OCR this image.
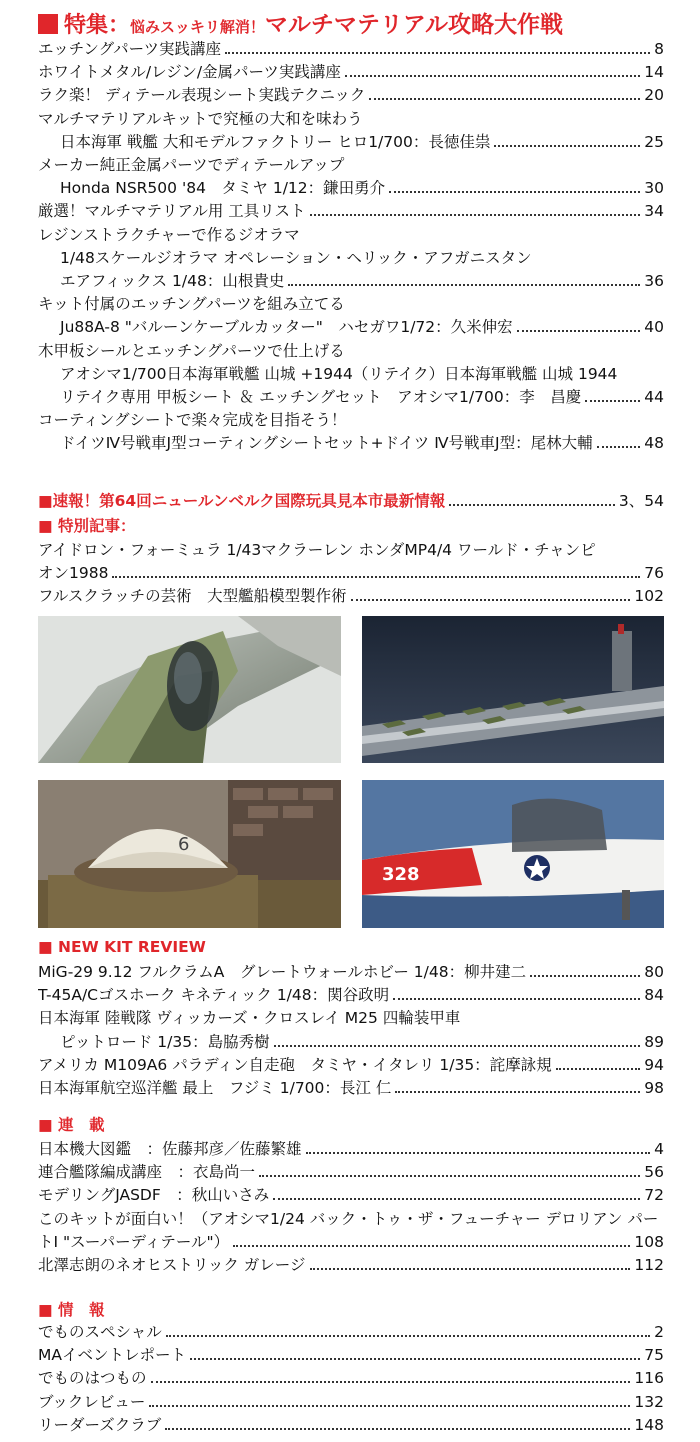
特集：悩みスッキリ解消！マルチマテリアル攻略大作戦
エッチングパーツ実践講座	8
ホワイトメタル/レジン/金属パーツ実践講座	14
ラク楽！ ディテール表現シート実践テクニック	20
マルチマテリアルキットで究極の大和を味わう
日本海軍 戦艦 大和モデルファクトリー ヒロ1/700：長徳佳祟	25
メーカー純正金属パーツでディテールアップ
Honda NSR500 '84　タミヤ 1/12：鎌田勇介	30
厳選！マルチマテリアル用 工具リスト	34
レジンストラクチャーで作るジオラマ
1/48スケールジオラマ オペレーション・ヘリック・アフガニスタン
エアフィックス 1/48：山根貴史	36
キット付属のエッチングパーツを組み立てる
Ju88A-8 "バルーンケーブルカッター"　ハセガワ1/72：久米伸宏	40
木甲板シールとエッチングパーツで仕上げる
アオシマ1/700日本海軍戦艦 山城 +1944（リテイク）日本海軍戦艦 山城 1944
リテイク専用 甲板シート ＆ エッチングセット　アオシマ1/700：李　昌慶	44
コーティングシートで楽々完成を目指そう！
ドイツⅣ号戦車J型コーティングシートセット+ドイツ Ⅳ号戦車J型：尾林大輔	48
■速報！第64回ニュールンベルク国際玩具見本市最新情報	3、54
■ 特別記事：
アイドロン・フォーミュラ 1/43マクラーレン ホンダMP4/4 ワールド・チャンピ
オン1988	76
フルスクラッチの芸術　大型艦船模型製作術	102
6
328
■ NEW KIT REVIEW
MiG-29 9.12 フルクラムA　グレートウォールホビー 1/48：柳井建二	80
T-45A/Cゴスホーク キネティック 1/48：関谷政明	84
日本海軍 陸戦隊 ヴィッカーズ・クロスレイ M25 四輪装甲車
ピットロード 1/35：島脇秀樹	89
アメリカ M109A6 パラディン自走砲　タミヤ・イタレリ 1/35：詫摩詠規	94
日本海軍航空巡洋艦 最上　フジミ 1/700：長江 仁	98
■ 連　載
日本機大図鑑　：佐藤邦彦／佐藤繁雄	4
連合艦隊編成講座　：衣島尚一	56
モデリングJASDF　：秋山いさみ	72
このキットが面白い！（アオシマ1/24 バック・トゥ・ザ・フューチャー デロリアン パー
トⅠ "スーパーディテール"）	108
北澤志朗のネオヒストリック ガレージ	112
■ 情　報
でものスペシャル	2
MAイベントレポート	75
でものはつもの	116
ブックレビュー	132
リーダーズクラブ	148
